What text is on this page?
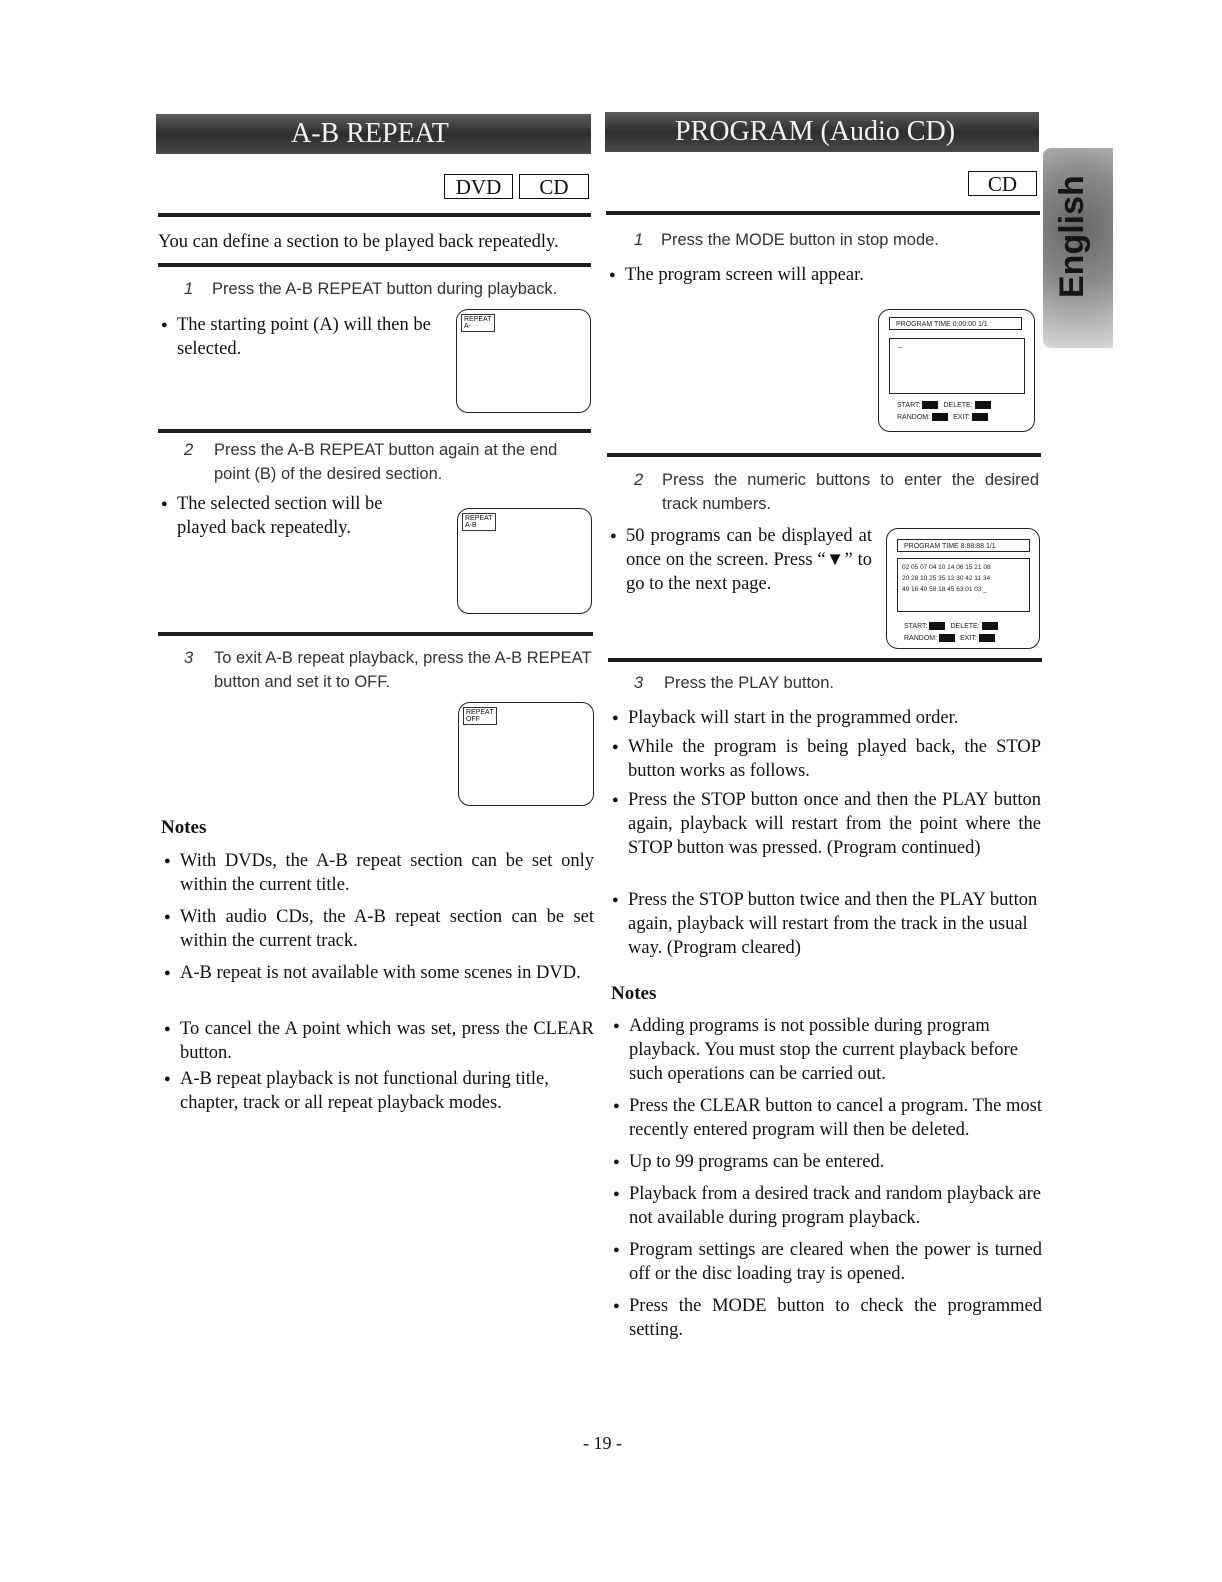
A-B REPEAT
DVD	CD
You can define a section to be played back repeatedly.
1	Press the A-B REPEAT button during playback.
● The starting point (A) will then be selected.
REPEAT
A-
2	Press the A-B REPEAT button again at the end point (B) of the desired section.
● The selected section will be played back repeatedly.	REPEAT
A-B
3	To exit A-B repeat playback, press the A-B REPEAT button and set it to OFF.
REPEAT
OFF
Notes
● With DVDs, the A-B repeat section can be set only within the current title.
● With audio CDs, the A-B repeat section can be set within the current track.
● A-B repeat is not available with some scenes in DVD.
● To cancel the A point which was set, press the CLEAR button.
● A-B repeat playback is not functional during title, chapter, track or all repeat playback modes.
PROGRAM (Audio CD)
CD
1	Press the MODE button in stop mode.
● The program screen will appear.
PROGRAM TIME 0:00:00 1/1
--
START:	DELETE:
RANDOM:	EXIT:
2	Press the numeric buttons to enter the desired track numbers.
● 50 programs can be displayed at once on the screen. Press “▼” to go to the next page.
PROGRAM TIME 8:88:88 1/1
02 05 07 04 10 14 06 15 21 08
20 28 10 25 35 12 30 42 11 34
49 16 40 58 18 45 63 01 03 _
START:	DELETE:
RANDOM:	EXIT:
3	Press the PLAY button.
● Playback will start in the programmed order.
● While the program is being played back, the STOP button works as follows.
● Press the STOP button once and then the PLAY button again, playback will restart from the point where the STOP button was pressed. (Program continued)
● Press the STOP button twice and then the PLAY button again, playback will restart from the track in the usual way. (Program cleared)
Notes
● Adding programs is not possible during program playback. You must stop the current playback before such operations can be carried out.
● Press the CLEAR button to cancel a program. The most recently entered program will then be deleted.
● Up to 99 programs can be entered.
● Playback from a desired track and random playback are not available during program playback.
● Program settings are cleared when the power is turned off or the disc loading tray is opened.
● Press the MODE button to check the programmed setting.
English
- 19 -
